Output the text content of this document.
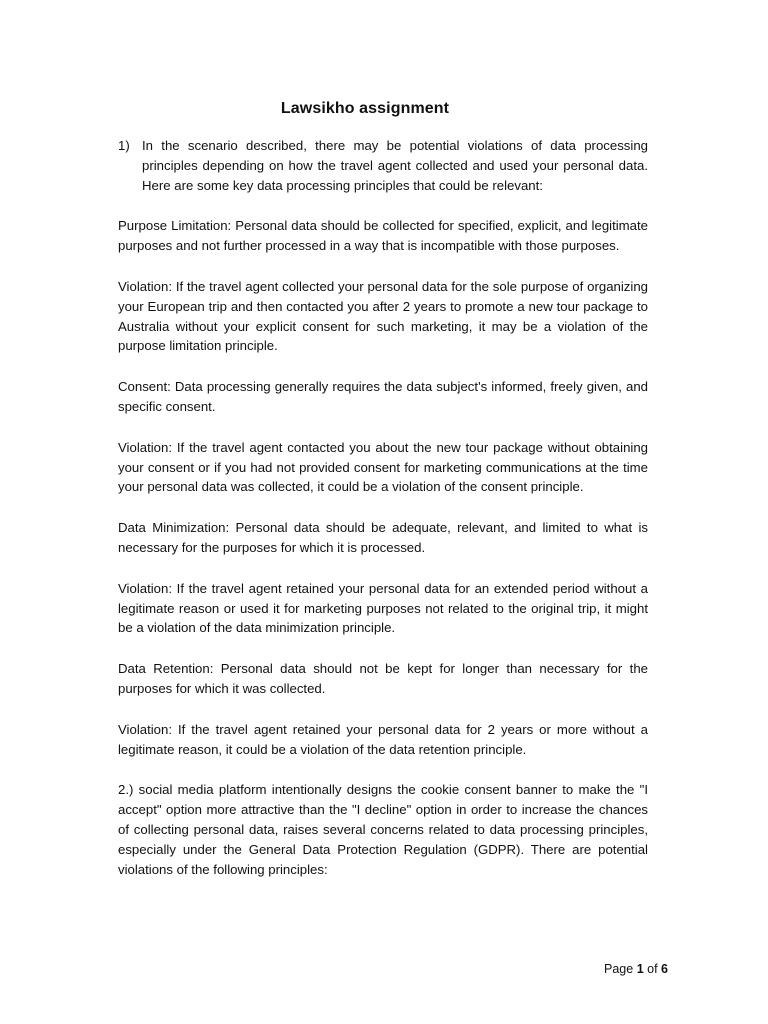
Lawsikho assignment
1) In the scenario described, there may be potential violations of data processing principles depending on how the travel agent collected and used your personal data. Here are some key data processing principles that could be relevant:

Purpose Limitation: Personal data should be collected for specified, explicit, and legitimate purposes and not further processed in a way that is incompatible with those purposes.

Violation: If the travel agent collected your personal data for the sole purpose of organizing your European trip and then contacted you after 2 years to promote a new tour package to Australia without your explicit consent for such marketing, it may be a violation of the purpose limitation principle.

Consent: Data processing generally requires the data subject's informed, freely given, and specific consent.

Violation: If the travel agent contacted you about the new tour package without obtaining your consent or if you had not provided consent for marketing communications at the time your personal data was collected, it could be a violation of the consent principle.

Data Minimization: Personal data should be adequate, relevant, and limited to what is necessary for the purposes for which it is processed.

Violation: If the travel agent retained your personal data for an extended period without a legitimate reason or used it for marketing purposes not related to the original trip, it might be a violation of the data minimization principle.

Data Retention: Personal data should not be kept for longer than necessary for the purposes for which it was collected.

Violation: If the travel agent retained your personal data for 2 years or more without a legitimate reason, it could be a violation of the data retention principle.

2.) social media platform intentionally designs the cookie consent banner to make the "I accept" option more attractive than the "I decline" option in order to increase the chances of collecting personal data, raises several concerns related to data processing principles, especially under the General Data Protection Regulation (GDPR). There are potential violations of the following principles:

Page 1 of 6
